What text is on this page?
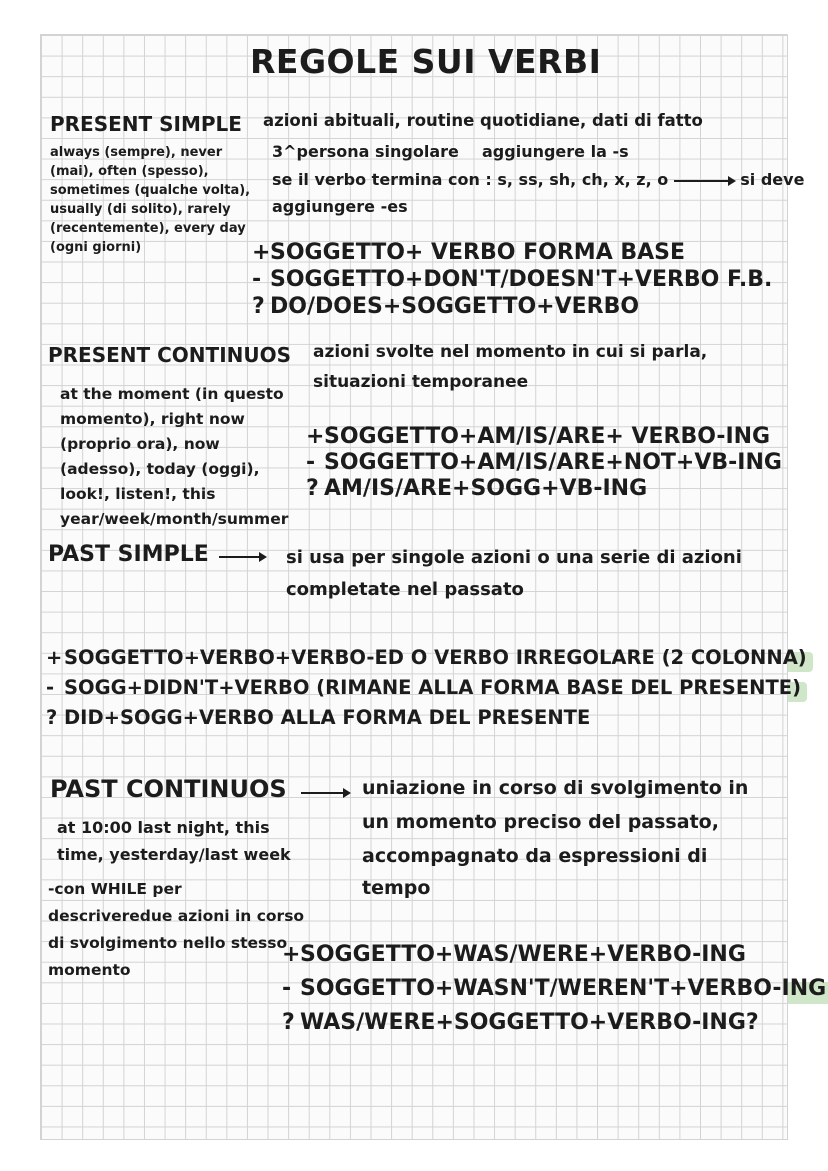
REGOLE SUI VERBI
PRESENT SIMPLE azioni abituali, routine quotidiane, dati di fatto
always (sempre), never (mai), often (spesso), sometimes (qualche volta), usually (di solito), rarely (recentemente), every day (ogni giorni)
3^persona singolare aggiungere la -s
se il verbo termina con : s, ss, sh, ch, x, z, o	si deve
aggiungere -es
+SOGGETTO+ VERBO FORMA BASE
- SOGGETTO+DON'T/DOESN'T+VERBO F.B.
? DO/DOES+SOGGETTO+VERBO
PRESENT CONTINUOS azioni svolte nel momento in cui si parla,
situazioni temporanee
at the moment (in questo momento), right now (proprio ora), now (adesso), today (oggi), look!, listen!, this year/week/month/summer
+SOGGETTO+AM/IS/ARE+ VERBO-ING
- SOGGETTO+AM/IS/ARE+NOT+VB-ING
? AM/IS/ARE+SOGG+VB-ING
PAST SIMPLE	si usa per singole azioni o una serie di azioni
completate nel passato
+SOGGETTO+VERBO+VERBO-ED O VERBO IRREGOLARE (2 COLONNA)
- SOGG+DIDN'T+VERBO (RIMANE ALLA FORMA BASE DEL PRESENTE)
? DID+SOGG+VERBO ALLA FORMA DEL PRESENTE
PAST CONTINUOS	uniazione in corso di svolgimento in
un momento preciso del passato,
accompagnato da espressioni di
tempo
at 10:00 last night, this
time, yesterday/last week
-con WHILE per descriveredue azioni in corso di svolgimento nello stesso momento
+SOGGETTO+WAS/WERE+VERBO-ING
- SOGGETTO+WASN'T/WEREN'T+VERBO-ING
? WAS/WERE+SOGGETTO+VERBO-ING?
